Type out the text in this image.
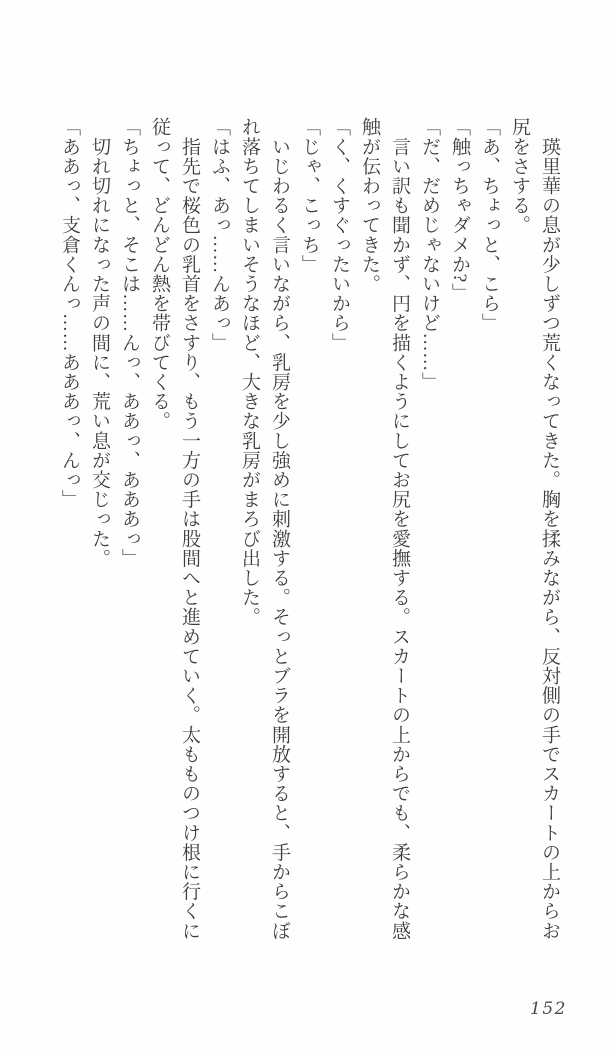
　瑛里華の息が少しずつ荒くなってきた。胸を揉みながら、反対側の手でスカートの上からお

尻をさする。

「あ、ちょっと、こら」

「触っちゃダメか?」

「だ、だめじゃないけど……」

　言い訳も聞かず、円を描くようにしてお尻を愛撫する。スカートの上からでも、柔らかな感

触が伝わってきた。

「く、くすぐったいから」

「じゃ、こっち」

　いじわるく言いながら、乳房を少し強めに刺激する。そっとブラを開放すると、手からこぼ

れ落ちてしまいそうなほど、大きな乳房がまろび出した。

「はふ、あっ……んあっ」

　指先で桜色の乳首をさすり、もう一方の手は股間へと進めていく。太もものつけ根に行くに

従って、どんどん熱を帯びてくる。

「ちょっと、そこは……んっ、ああっ、あああっ」

　切れ切れになった声の間に、荒い息が交じった。

「ああっ、支倉くんっ……あああっ、んっ」

152
